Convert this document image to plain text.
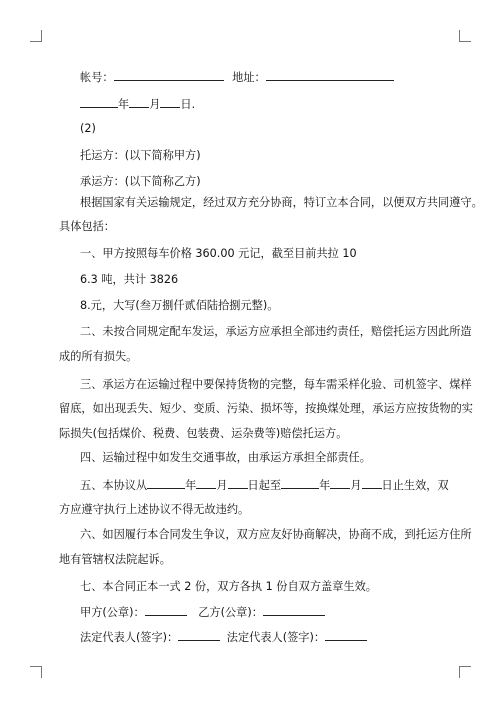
帐号：	地址：
年 月 日.
(2)
托运方：(以下简称甲方)
承运方：(以下简称乙方)
根据国家有关运输规定，经过双方充分协商，特订立本合同，以便双方共同遵守。
具体包括：
一、甲方按照每车价格 360.00 元记，截至目前共拉 10
6.3 吨，共计 3826
8.元，大写(叁万捌仟贰佰陆拾捌元整)。
二、未按合同规定配车发运，承运方应承担全部违约责任，赔偿托运方因此所造
成的所有损失。
三、承运方在运输过程中要保持货物的完整，每车需采样化验、司机签字、煤样
留底，如出现丢失、短少、变质、污染、损坏等，按换煤处理，承运方应按货物的实
际损失(包括煤价、税费、包装费、运杂费等)赔偿托运方。
四、运输过程中如发生交通事故，由承运方承担全部责任。
五、本协议从	年 月 日起至	年 月 日止生效，双
方应遵守执行上述协议不得无故违约。
六、如因履行本合同发生争议，双方应友好协商解决，协商不成，到托运方住所
地有管辖权法院起诉。
七、本合同正本一式 2 份，双方各执 1 份自双方盖章生效。
甲方(公章)：	乙方(公章)：
法定代表人(签字)：	法定代表人(签字)：
